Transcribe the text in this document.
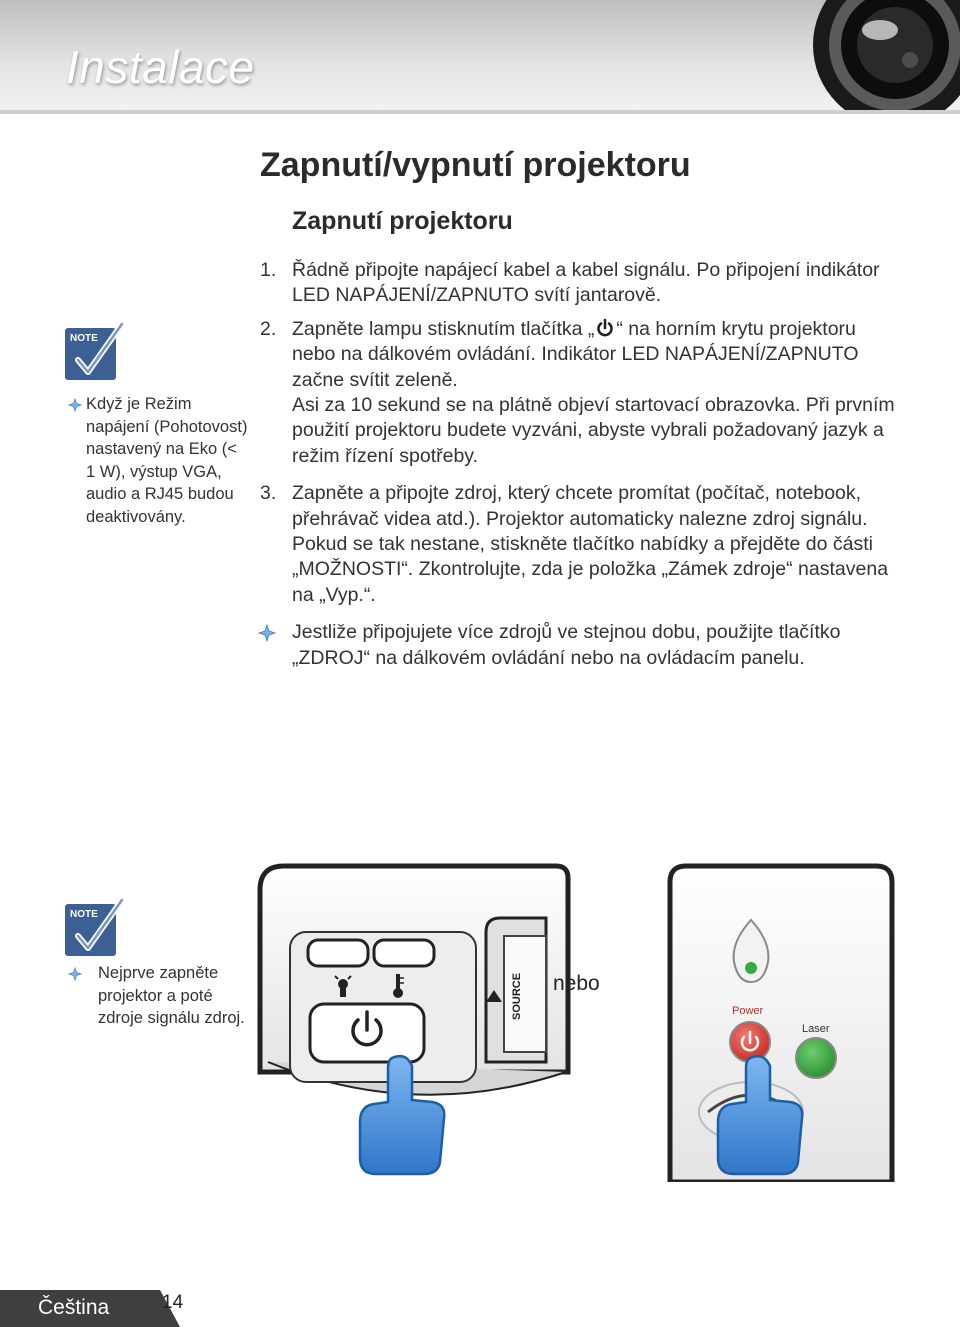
Instalace
Zapnutí/vypnutí projektoru
Zapnutí projektoru
1. Řádně připojte napájecí kabel a kabel signálu. Po připojení indikátor LED NAPÁJENÍ/ZAPNUTO svítí jantarově.

2. Zapněte lampu stisknutím tlačítka „ “ na horním krytu projektoru nebo na dálkovém ovládání. Indikátor LED NAPÁJENÍ/ZAPNUTO začne svítit zeleně.

Asi za 10 sekund se na plátně objeví startovací obrazovka. Při prvním použití projektoru budete vyzváni, abyste vybrali požadovaný jazyk a režim řízení spotřeby.

3. Zapněte a připojte zdroj, který chcete promítat (počítač, notebook, přehrávač videa atd.). Projektor automaticky nalezne zdroj signálu. Pokud se tak nestane, stiskněte tlačítko nabídky a přejděte do části „MOŽNOSTI“. Zkontrolujte, zda je položka „Zámek zdroje“ nastavena na „Vyp.“.

Jestliže připojujete více zdrojů ve stejnou dobu, použijte tlačítko „ZDROJ“ na dálkovém ovládání nebo na ovládacím panelu.

NOTE
Když je Režim napájení (Pohotovost) nastavený na Eko (< 1 W), výstup VGA, audio a RJ45 budou deaktivovány.
NOTE
Nejprve zapněte projektor a poté zdroje signálu zdroj.	SOURCE	Power
Laser
nebo
Čeština	14
